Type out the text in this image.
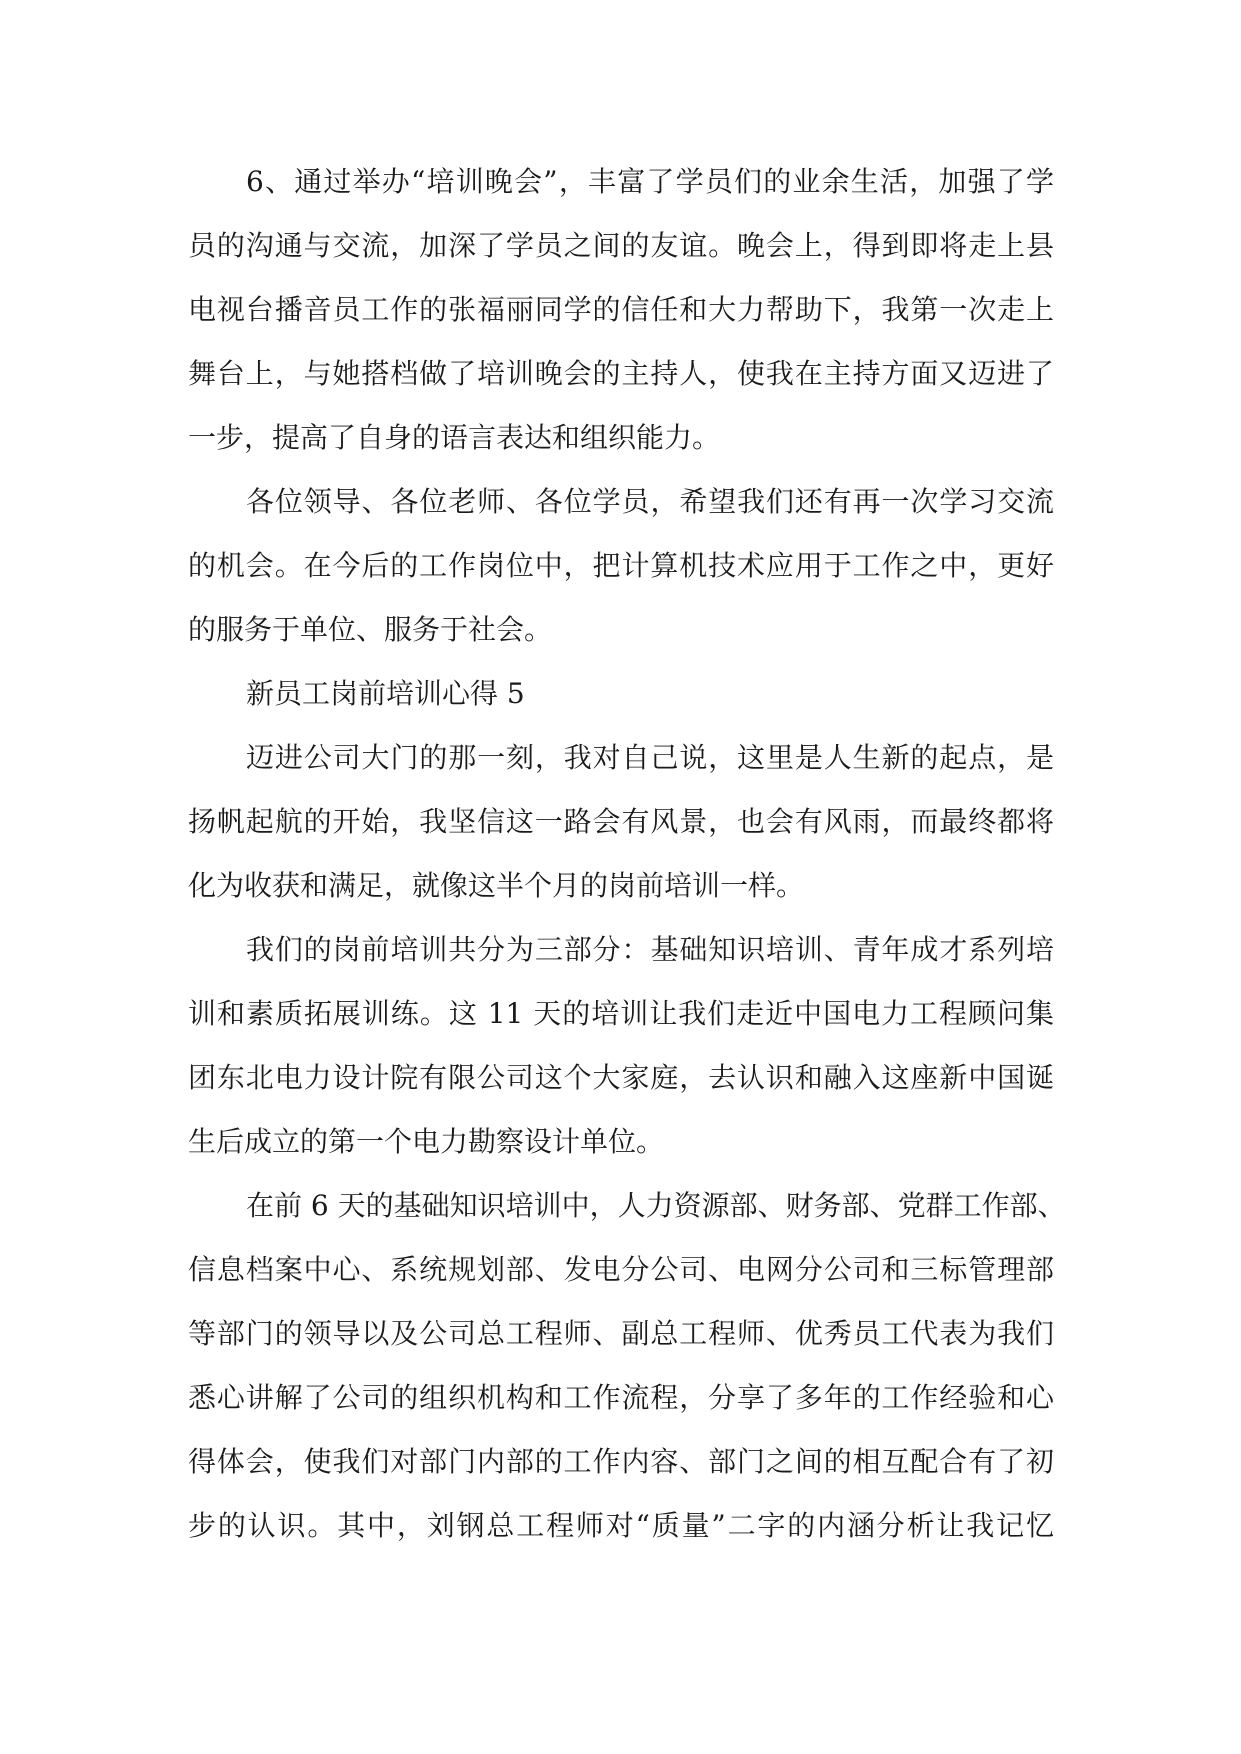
6、通过举办“培训晚会”，丰富了学员们的业余生活，加强了学
员的沟通与交流，加深了学员之间的友谊。晚会上，得到即将走上县
电视台播音员工作的张福丽同学的信任和大力帮助下，我第一次走上
舞台上，与她搭档做了培训晚会的主持人，使我在主持方面又迈进了
一步，提高了自身的语言表达和组织能力。
各位领导、各位老师、各位学员，希望我们还有再一次学习交流
的机会。在今后的工作岗位中，把计算机技术应用于工作之中，更好
的服务于单位、服务于社会。
新员工岗前培训心得 5
迈进公司大门的那一刻，我对自己说，这里是人生新的起点，是
扬帆起航的开始，我坚信这一路会有风景，也会有风雨，而最终都将
化为收获和满足，就像这半个月的岗前培训一样。
我们的岗前培训共分为三部分：基础知识培训、青年成才系列培
训和素质拓展训练。这 11 天的培训让我们走近中国电力工程顾问集
团东北电力设计院有限公司这个大家庭，去认识和融入这座新中国诞
生后成立的第一个电力勘察设计单位。
在前 6 天的基础知识培训中，人力资源部、财务部、党群工作部、
信息档案中心、系统规划部、发电分公司、电网分公司和三标管理部
等部门的领导以及公司总工程师、副总工程师、优秀员工代表为我们
悉心讲解了公司的组织机构和工作流程，分享了多年的工作经验和心
得体会，使我们对部门内部的工作内容、部门之间的相互配合有了初
步的认识。其中，刘钢总工程师对“质量”二字的内涵分析让我记忆
